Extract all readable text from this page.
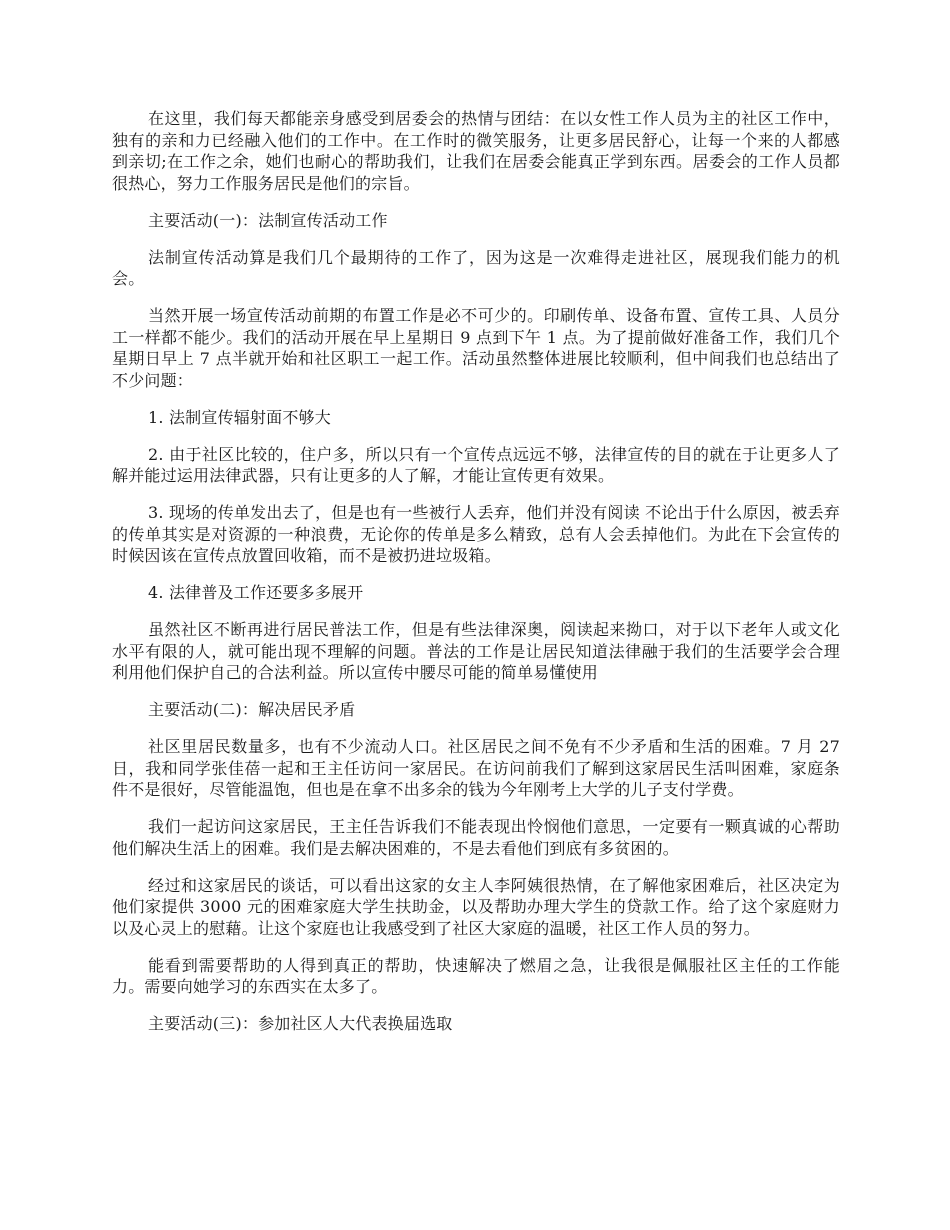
在这里，我们每天都能亲身感受到居委会的热情与团结：在以女性工作人员为主的社区工作中，独有的亲和力已经融入他们的工作中。在工作时的微笑服务，让更多居民舒心，让每一个来的人都感到亲切;在工作之余，她们也耐心的帮助我们，让我们在居委会能真正学到东西。居委会的工作人员都很热心，努力工作服务居民是他们的宗旨。

主要活动(一)：法制宣传活动工作

法制宣传活动算是我们几个最期待的工作了，因为这是一次难得走进社区，展现我们能力的机会。

当然开展一场宣传活动前期的布置工作是必不可少的。印刷传单、设备布置、宣传工具、人员分工一样都不能少。我们的活动开展在早上星期日 9 点到下午 1 点。为了提前做好准备工作，我们几个星期日早上 7 点半就开始和社区职工一起工作。活动虽然整体进展比较顺利，但中间我们也总结出了不少问题：

1. 法制宣传辐射面不够大

2. 由于社区比较的，住户多，所以只有一个宣传点远远不够，法律宣传的目的就在于让更多人了解并能过运用法律武器，只有让更多的人了解，才能让宣传更有效果。

3. 现场的传单发出去了，但是也有一些被行人丢弃，他们并没有阅读 不论出于什么原因，被丢弃的传单其实是对资源的一种浪费，无论你的传单是多么精致，总有人会丢掉他们。为此在下会宣传的时候因该在宣传点放置回收箱，而不是被扔进垃圾箱。

4. 法律普及工作还要多多展开

虽然社区不断再进行居民普法工作，但是有些法律深奥，阅读起来拗口，对于以下老年人或文化水平有限的人，就可能出现不理解的问题。普法的工作是让居民知道法律融于我们的生活要学会合理利用他们保护自己的合法利益。所以宣传中腰尽可能的简单易懂使用

主要活动(二)：解决居民矛盾

社区里居民数量多，也有不少流动人口。社区居民之间不免有不少矛盾和生活的困难。7 月 27 日，我和同学张佳蓓一起和王主任访问一家居民。在访问前我们了解到这家居民生活叫困难，家庭条件不是很好，尽管能温饱，但也是在拿不出多余的钱为今年刚考上大学的儿子支付学费。

我们一起访问这家居民，王主任告诉我们不能表现出怜悯他们意思，一定要有一颗真诚的心帮助他们解决生活上的困难。我们是去解决困难的，不是去看他们到底有多贫困的。

经过和这家居民的谈话，可以看出这家的女主人李阿姨很热情，在了解他家困难后，社区决定为他们家提供 3000 元的困难家庭大学生扶助金，以及帮助办理大学生的贷款工作。给了这个家庭财力以及心灵上的慰藉。让这个家庭也让我感受到了社区大家庭的温暖，社区工作人员的努力。

能看到需要帮助的人得到真正的帮助，快速解决了燃眉之急，让我很是佩服社区主任的工作能力。需要向她学习的东西实在太多了。

主要活动(三)：参加社区人大代表换届选取
